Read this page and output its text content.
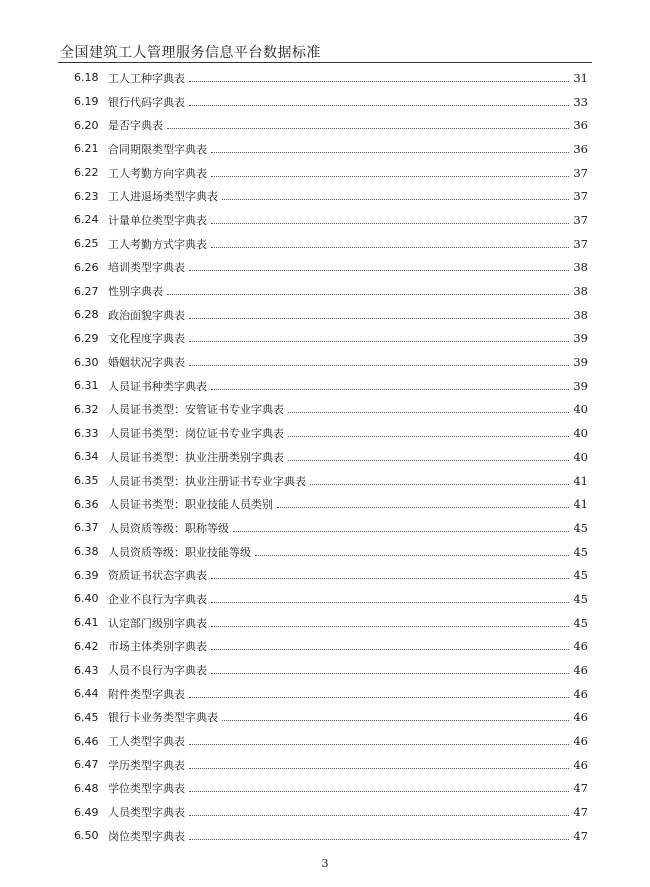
全国建筑工人管理服务信息平台数据标准
6.18 工人工种字典表	31
6.19 银行代码字典表	33
6.20 是否字典表	36
6.21 合同期限类型字典表	36
6.22 工人考勤方向字典表	37
6.23 工人进退场类型字典表	37
6.24 计量单位类型字典表	37
6.25 工人考勤方式字典表	37
6.26 培训类型字典表	38
6.27 性别字典表	38
6.28 政治面貌字典表	38
6.29 文化程度字典表	39
6.30 婚姻状况字典表	39
6.31 人员证书种类字典表	39
6.32 人员证书类型：安管证书专业字典表	40
6.33 人员证书类型：岗位证书专业字典表	40
6.34 人员证书类型：执业注册类别字典表	40
6.35 人员证书类型：执业注册证书专业字典表	41
6.36 人员证书类型：职业技能人员类别	41
6.37 人员资质等级：职称等级	45
6.38 人员资质等级：职业技能等级	45
6.39 资质证书状态字典表	45
6.40 企业不良行为字典表	45
6.41 认定部门级别字典表	45
6.42 市场主体类别字典表	46
6.43 人员不良行为字典表	46
6.44 附件类型字典表	46
6.45 银行卡业务类型字典表	46
6.46 工人类型字典表	46
6.47 学历类型字典表	46
6.48 学位类型字典表	47
6.49 人员类型字典表	47
6.50 岗位类型字典表	47
3
